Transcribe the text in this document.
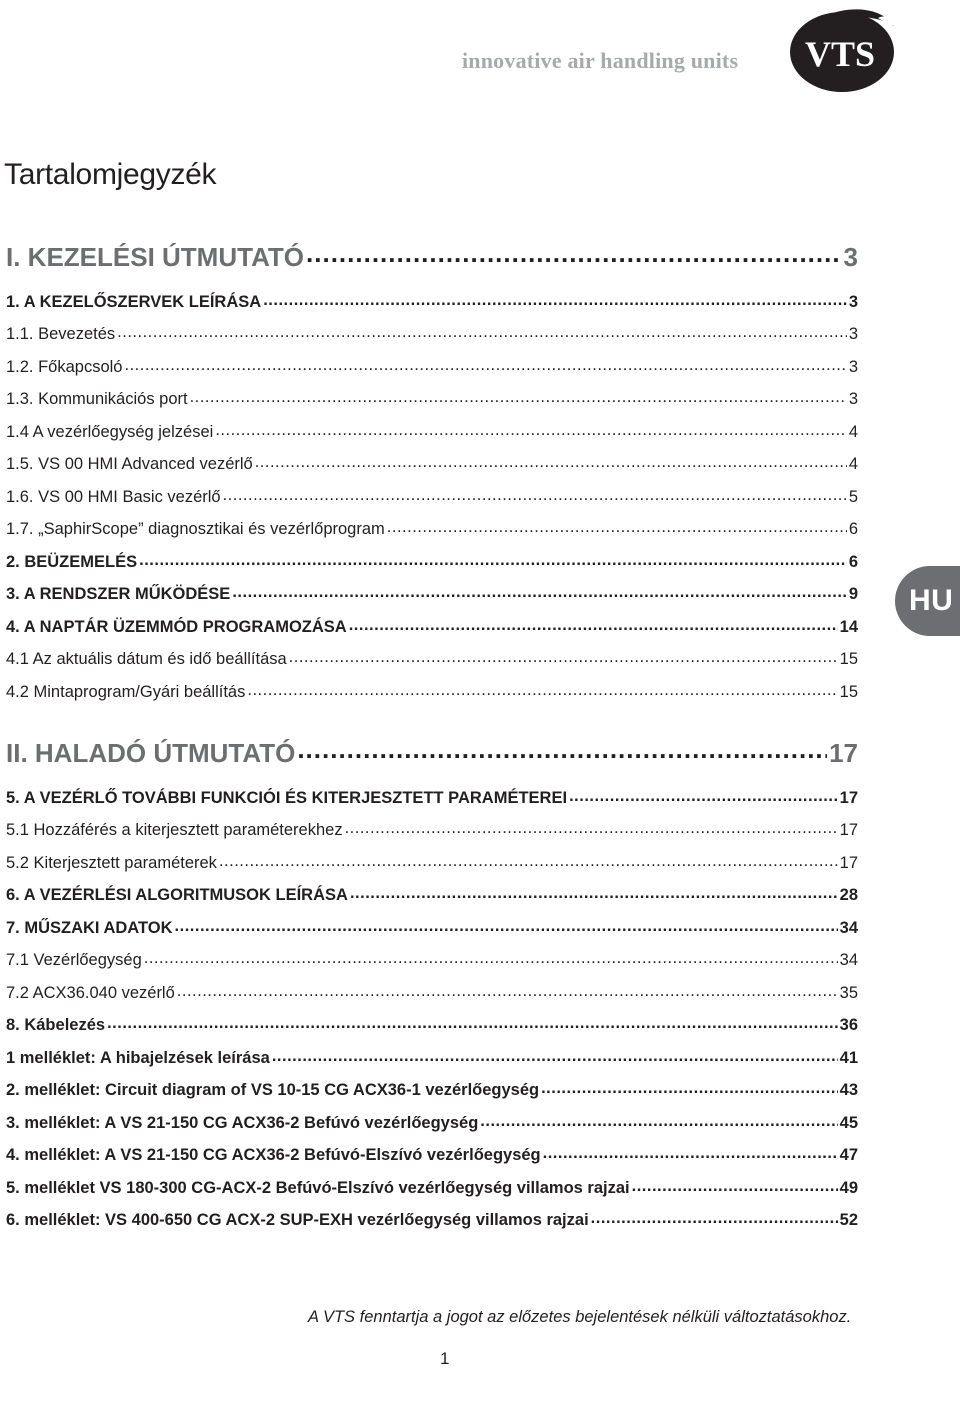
innovative air handling units VTS
Tartalomjegyzék
I. KEZELÉSI ÚTMUTATÓ .....	3
1. A KEZELŐSZERVEK LEÍRÁSA .....	3
1.1. Bevezetés .....	3
1.2. Főkapcsoló .....	3
1.3. Kommunikációs port .....	3
1.4 A vezérlőegység jelzései .....	4
1.5. VS 00 HMI Advanced vezérlő .....	4
1.6. VS 00 HMI Basic vezérlő .....	5
1.7. „SaphirScope” diagnosztikai és vezérlőprogram .....	6
2. BEÜZEMELÉS .....	6
3. A RENDSZER MŰKÖDÉSE .....	9
4. A NAPTÁR ÜZEMMÓD PROGRAMOZÁSA .....	14
4.1 Az aktuális dátum és idő beállítása .....	15
4.2 Mintaprogram/Gyári beállítás .....	15
II. HALADÓ ÚTMUTATÓ .....	17
5. A VEZÉRLŐ TOVÁBBI FUNKCIÓI ÉS KITERJESZTETT PARAMÉTEREI .....	17
5.1 Hozzáférés a kiterjesztett paraméterekhez .....	17
5.2 Kiterjesztett paraméterek .....	17
6. A VEZÉRLÉSI ALGORITMUSOK LEÍRÁSA .....	28
7. MŰSZAKI ADATOK .....	34
7.1 Vezérlőegység .....	34
7.2 ACX36.040 vezérlő .....	35
8. Kábelezés .....	36
1 melléklet: A hibajelzések leírása .....	41
2. melléklet: Circuit diagram of VS 10-15 CG ACX36-1 vezérlőegység .....	43
3. melléklet: A VS 21-150 CG ACX36-2 Befúvó vezérlőegység .....	45
4. melléklet: A VS 21-150 CG ACX36-2 Befúvó-Elszívó vezérlőegység .....	47
5. melléklet VS 180-300 CG-ACX-2 Befúvó-Elszívó vezérlőegység villamos rajzai .....	49
6. melléklet: VS 400-650 CG ACX-2 SUP-EXH vezérlőegység villamos rajzai .....	52
HU
A VTS fenntartja a jogot az előzetes bejelentések nélküli változtatásokhoz.
1
